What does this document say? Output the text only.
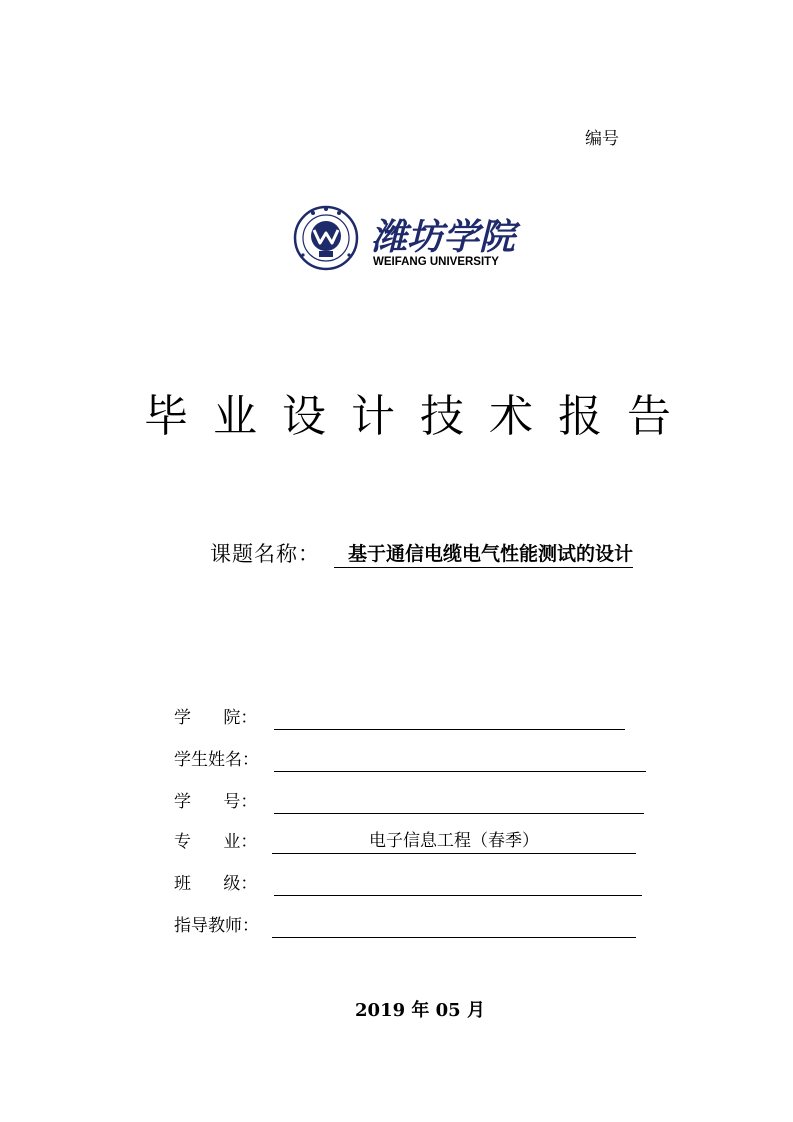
编号
潍坊学院
WEIFANG UNIVERSITY
毕业设计技术报告
课题名称：	基于通信电缆电气性能测试的设计
学      院：
学生姓名：
学      号：
专      业：	电子信息工程（春季）
班      级：
指导教师：
2019 年 05 月
